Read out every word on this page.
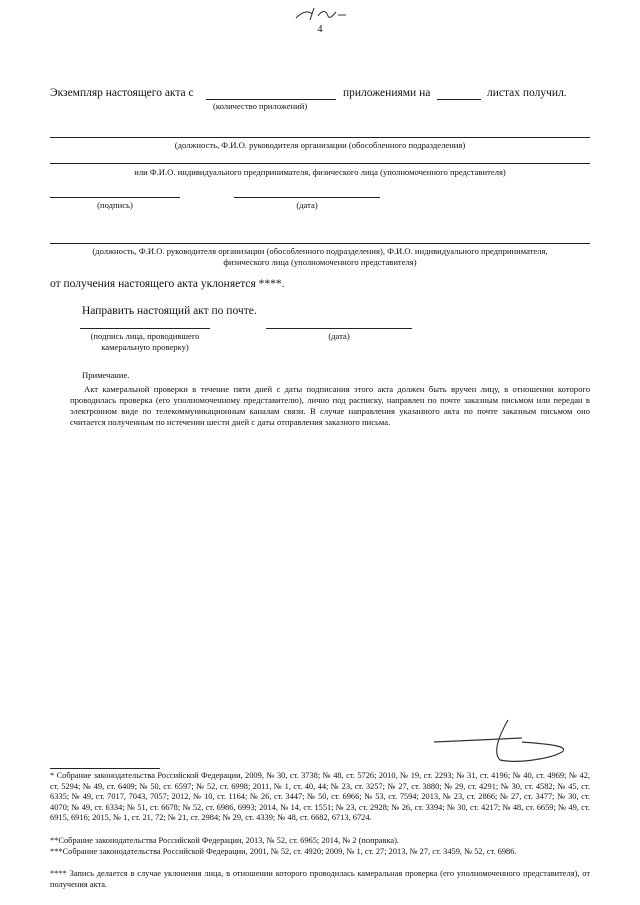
4
Экземпляр настоящего акта с	приложениями на	листах получил.
(количество приложений)
(должность, Ф.И.О. руководителя организации (обособленного подразделения)
или Ф.И.О. индивидуального предпринимателя, физического лица (уполномоченного представителя)
(подпись)	(дата)
(должность, Ф.И.О. руководителя организации (обособленного подразделения), Ф.И.О. индивидуального предпринимателя,
физического лица (уполномоченного представителя)
от получения настоящего акта уклоняется ****.
Направить настоящий акт по почте.
(подпись лица, проводившего
камеральную проверку)
(дата)
Примечание.
Акт камеральной проверки в течение пяти дней с даты подписания этого акта должен быть вручен лицу, в отношении которого проводилась проверка (его уполномоченному представителю), лично под расписку, направлен по почте заказным письмом или передан в электронном виде по телекоммуникационным каналам связи. В случае направления указанного акта по почте заказным письмом оно считается полученным по истечении шести дней с даты отправления заказного письма.
* Собрание законодательства Российской Федерации, 2009, № 30, ст. 3738; № 48, ст. 5726; 2010, № 19, ст. 2293; № 31, ст. 4196; № 40, ст. 4969; № 42, ст. 5294; № 49, ст. 6409; № 50, ст. 6597; № 52, ст. 6998; 2011, № 1, ст. 40, 44; № 23, ст. 3257; № 27, ст. 3880; № 29, ст. 4291; № 30, ст. 4582; № 45, ст. 6335; № 49, ст. 7017, 7043, 7057; 2012, № 10, ст. 1164; № 26, ст. 3447; № 50, ст. 6966; № 53, ст. 7594; 2013, № 23, ст. 2866; № 27, ст. 3477; № 30, ст. 4070; № 49, ст. 6334; № 51, ст. 6678; № 52, ст. 6986, 6993; 2014, № 14, ст. 1551; № 23, ст. 2928; № 26, ст. 3394; № 30, ст. 4217; № 48, ст. 6659; № 49, ст. 6915, 6916; 2015, № 1, ст. 21, 72; № 21, ст. 2984; № 29, ст. 4339; № 48, ст. 6682, 6713, 6724.
**Собрание законодательства Российской Федерации, 2013, № 52, ст. 6965; 2014, № 2 (поправка).
***Собрание законодательства Российской Федерации, 2001, № 52, ст. 4920; 2009, № 1, ст. 27; 2013, № 27, ст. 3459, № 52, ст. 6986.
**** Запись делается в случае уклонения лица, в отношении которого проводилась камеральная проверка (его уполномоченного представителя), от получения акта.
